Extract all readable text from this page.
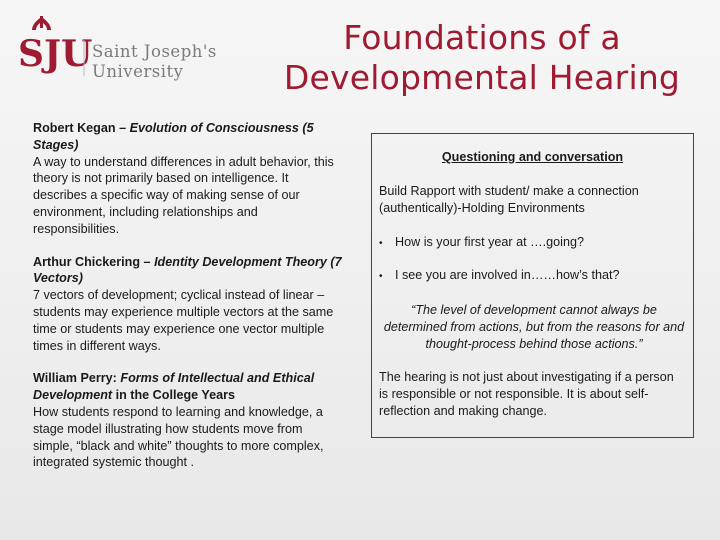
SJU Saint Joseph's
University
Foundations of a
Developmental Hearing

Robert Kegan – Evolution of Consciousness (5 Stages)

A way to understand differences in adult behavior, this theory is not primarily based on intelligence. It describes a specific way of making sense of our environment, including relationships and responsibilities.

Arthur Chickering – Identity Development Theory (7 Vectors)

7 vectors of development; cyclical instead of linear – students may experience multiple vectors at the same time or students may experience one vector multiple times in different ways.

William Perry: Forms of Intellectual and Ethical Development in the College Years

How students respond to learning and knowledge, a stage model illustrating how students move from simple, “black and white” thoughts to more complex, integrated systemic thought .

Questioning and conversation
Build Rapport with student/ make a connection (authentically)-Holding Environments
• How is your first year at ….going?
• I see you are involved in……how’s that?
“The level of development cannot always be determined from actions, but from the reasons for and thought-process behind those actions.”
The hearing is not just about investigating if a person is responsible or not responsible. It is about self- reflection and making change.
